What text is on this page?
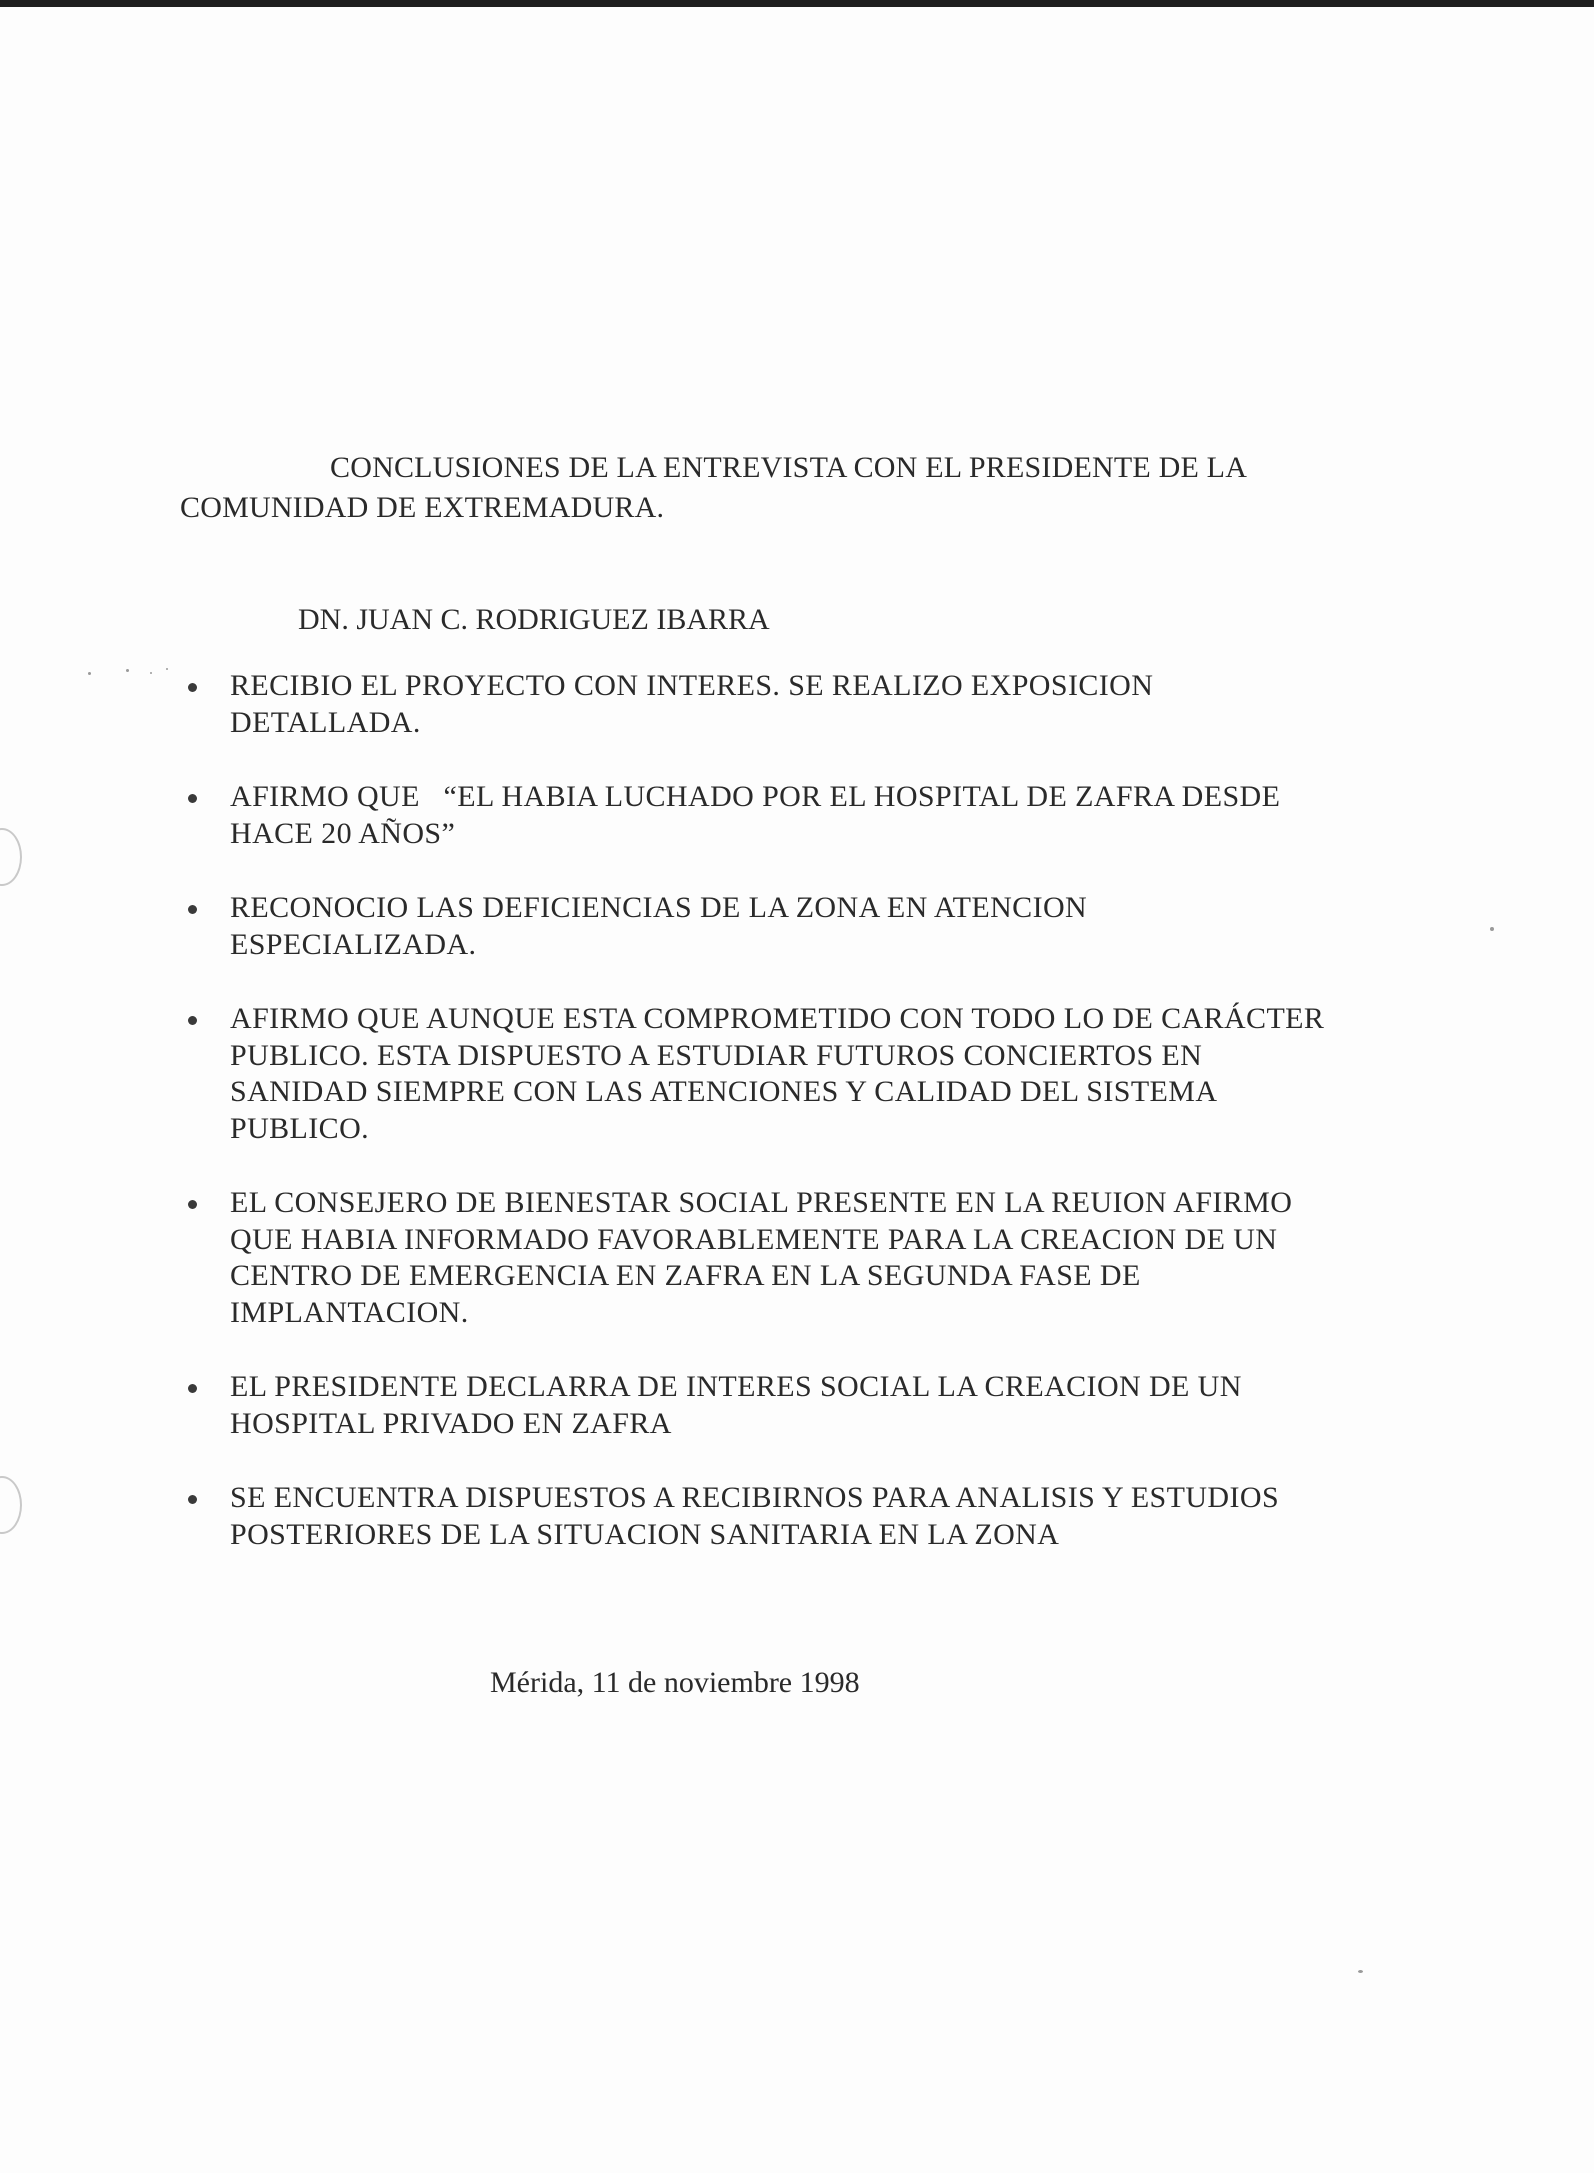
CONCLUSIONES DE LA ENTREVISTA CON EL PRESIDENTE DE LA
COMUNIDAD DE EXTREMADURA.

DN. JUAN C. RODRIGUEZ IBARRA

RECIBIO EL PROYECTO CON INTERES. SE REALIZO EXPOSICION DETALLADA.
AFIRMO QUE   “EL HABIA LUCHADO POR EL HOSPITAL DE ZAFRA DESDE HACE 20 AÑOS”
RECONOCIO LAS DEFICIENCIAS DE LA ZONA EN ATENCION ESPECIALIZADA.
AFIRMO QUE AUNQUE ESTA COMPROMETIDO CON TODO LO DE CARÁCTER PUBLICO. ESTA DISPUESTO A ESTUDIAR FUTUROS CONCIERTOS EN SANIDAD SIEMPRE CON LAS ATENCIONES Y CALIDAD DEL SISTEMA PUBLICO.
EL CONSEJERO DE BIENESTAR SOCIAL PRESENTE EN LA REUION AFIRMO QUE HABIA INFORMADO FAVORABLEMENTE PARA LA CREACION DE UN CENTRO DE EMERGENCIA EN ZAFRA EN LA SEGUNDA FASE DE IMPLANTACION.
EL PRESIDENTE DECLARRA DE INTERES SOCIAL LA CREACION DE UN HOSPITAL PRIVADO EN ZAFRA
SE ENCUENTRA DISPUESTOS A RECIBIRNOS PARA ANALISIS Y ESTUDIOS POSTERIORES DE LA SITUACION SANITARIA EN LA ZONA

Mérida, 11 de noviembre 1998
